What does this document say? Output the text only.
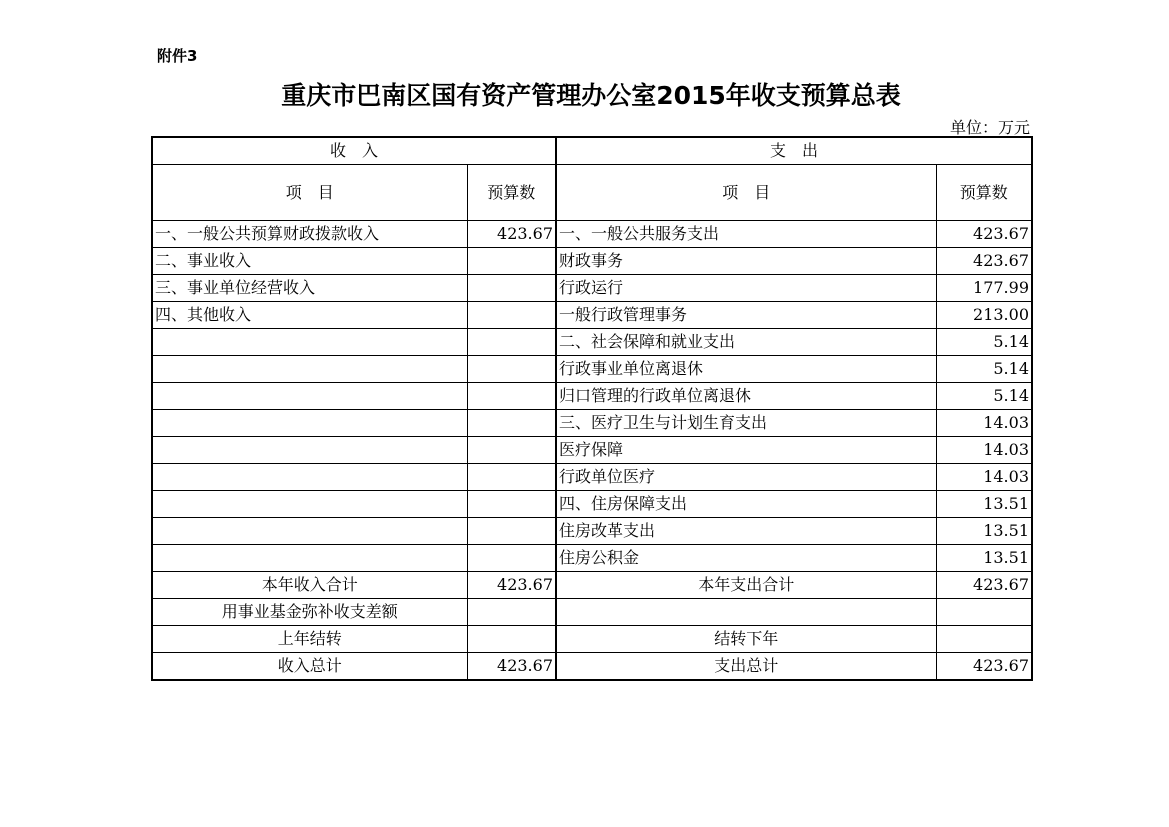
附件3
重庆市巴南区国有资产管理办公室2015年收支预算总表
单位：万元
收　入		支　出	
项　目	预算数	项　目	预算数
一、一般公共预算财政拨款收入	423.67	一、一般公共服务支出	423.67
二、事业收入		财政事务	423.67
三、事业单位经营收入		行政运行	177.99
四、其他收入		一般行政管理事务	213.00
		二、社会保障和就业支出	5.14
		行政事业单位离退休	5.14
		归口管理的行政单位离退休	5.14
		三、医疗卫生与计划生育支出	14.03
		医疗保障	14.03
		行政单位医疗	14.03
		四、住房保障支出	13.51
		住房改革支出	13.51
		住房公积金	13.51
本年收入合计	423.67	本年支出合计	423.67
用事业基金弥补收支差额			
上年结转		结转下年	
收入总计	423.67	支出总计	423.67
